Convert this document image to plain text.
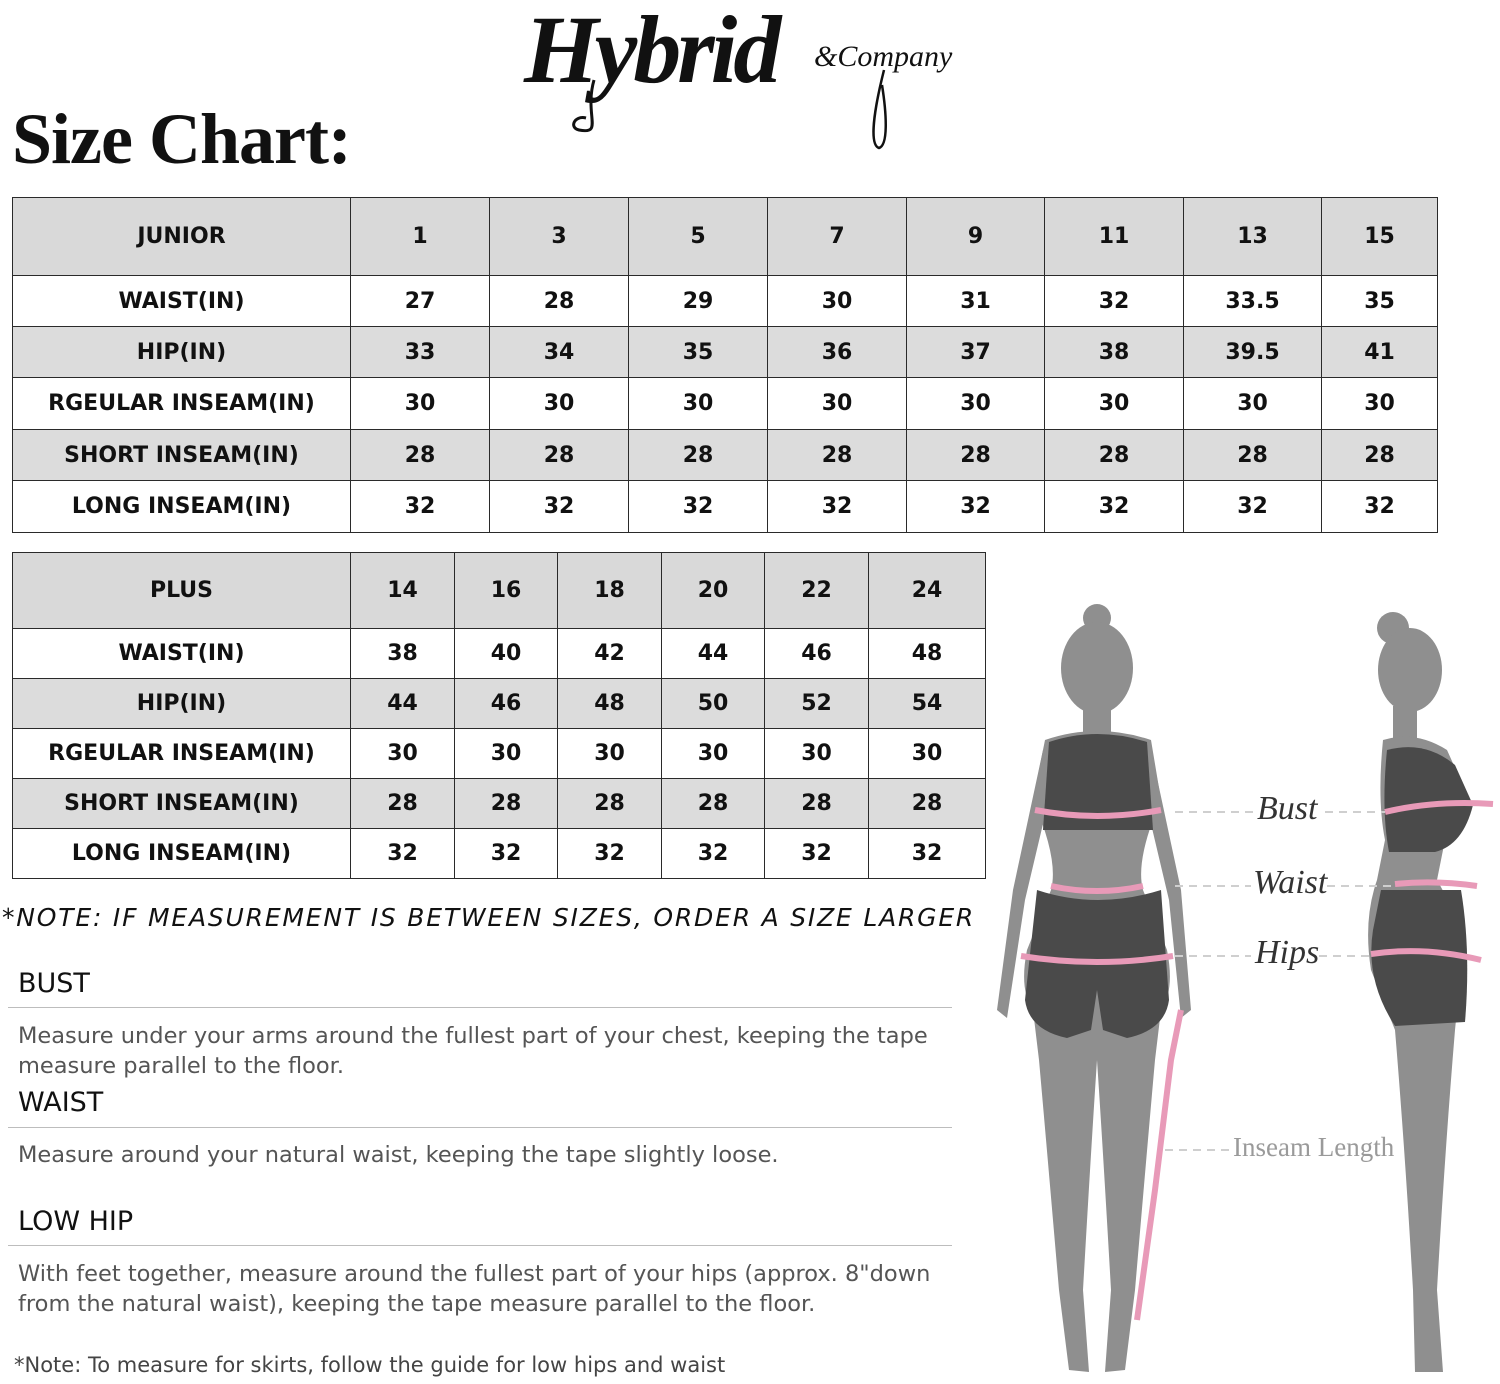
Hybrid &Company
Size Chart:
JUNIOR	1	3	5	7	9	11	13	15
WAIST(IN)	27	28	29	30	31	32	33.5	35
HIP(IN)	33	34	35	36	37	38	39.5	41
RGEULAR INSEAM(IN)	30	30	30	30	30	30	30	30
SHORT INSEAM(IN)	28	28	28	28	28	28	28	28
LONG INSEAM(IN)	32	32	32	32	32	32	32	32
PLUS	14	16	18	20	22	24
WAIST(IN)	38	40	42	44	46	48
HIP(IN)	44	46	48	50	52	54
RGEULAR INSEAM(IN)	30	30	30	30	30	30
SHORT INSEAM(IN)	28	28	28	28	28	28
LONG INSEAM(IN)	32	32	32	32	32	32
*NOTE: IF MEASUREMENT IS BETWEEN SIZES, ORDER A SIZE LARGER
BUST
Measure under your arms around the fullest part of your chest, keeping the tape measure parallel to the floor.
WAIST
Measure around your natural waist, keeping the tape slightly loose.
LOW HIP
With feet together, measure around the fullest part of your hips (approx. 8"down from the natural waist), keeping the tape measure parallel to the floor.
*Note: To measure for skirts, follow the guide for low hips and waist
Bust
Waist
Hips
Inseam Length
